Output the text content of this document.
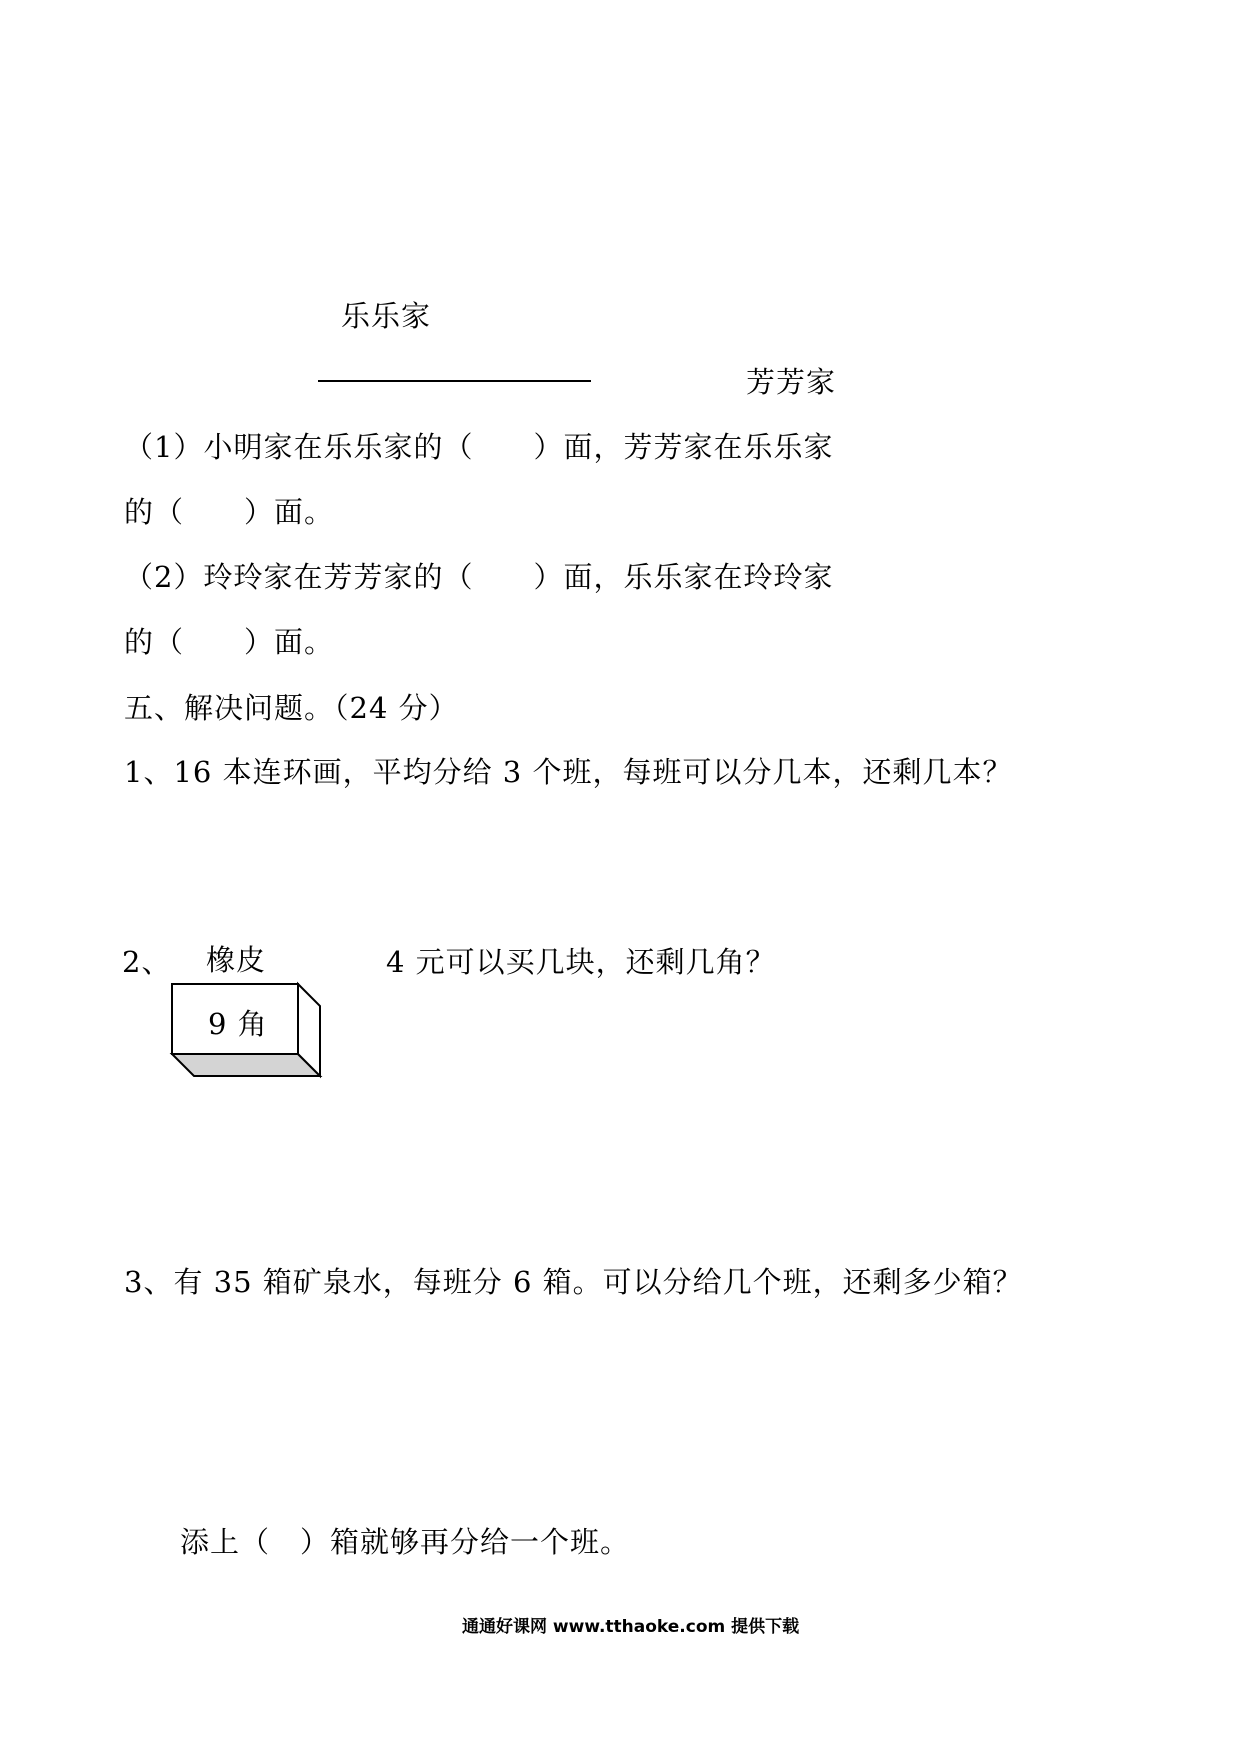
乐乐家
芳芳家
（1）小明家在乐乐家的（　　）面，芳芳家在乐乐家
的（　　）面。
（2）玲玲家在芳芳家的（　　）面，乐乐家在玲玲家
的（　　）面。
五、解决问题。（24 分）
1、16 本连环画，平均分给 3 个班，每班可以分几本，还剩几本？
2、 橡皮
9 角
4 元可以买几块，还剩几角？
3、有 35 箱矿泉水，每班分 6 箱。可以分给几个班，还剩多少箱？
添上（　）箱就够再分给一个班。
通通好课网 www.tthaoke.com 提供下载
